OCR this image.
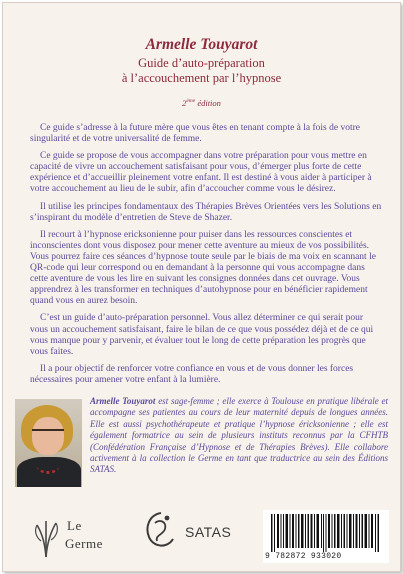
Armelle Touyarot
Guide d’auto-préparation
à l’accouchement par l’hypnose
2ème édition

Ce guide s’adresse à la future mère que vous êtes en tenant compte à la fois de votre singularité et de votre universalité de femme.

Ce guide se propose de vous accompagner dans votre préparation pour vous mettre en capacité de vivre un accouchement satisfaisant pour vous, d’émerger plus forte de cette expérience et d’accueillir pleinement votre enfant. Il est destiné à vous aider à participer à votre accouchement au lieu de le subir, afin d’accoucher comme vous le désirez.

Il utilise les principes fondamentaux des Thérapies Brèves Orientées vers les Solutions en s’inspirant du modèle d’entretien de Steve de Shazer.

Il recourt à l’hypnose ericksonienne pour puiser dans les ressources conscientes et inconscientes dont vous disposez pour mener cette aventure au mieux de vos possibilités. Vous pourrez faire ces séances d’hypnose toute seule par le biais de ma voix en scannant le QR-code qui leur correspond ou en demandant à la personne qui vous accompagne dans cette aventure de vous les lire en suivant les consignes données dans cet ouvrage. Vous apprendrez à les transformer en techniques d’autohypnose pour en bénéficier rapidement quand vous en aurez besoin.

C’est un guide d’auto-préparation personnel. Vous allez déterminer ce qui serait pour vous un accouchement satisfaisant, faire le bilan de ce que vous possédez déjà et de ce qui vous manque pour y parvenir, et évaluer tout le long de cette préparation les progrès que vous faites.

Il a pour objectif de renforcer votre confiance en vous et de vous donner les forces nécessaires pour amener votre enfant à la lumière.

Armelle Touyarot est sage-femme ; elle exerce à Toulouse en pratique libérale et accompagne ses patientes au cours de leur maternité depuis de longues années. Elle est aussi psychothérapeute et pratique l’hypnose éricksonienne ; elle est également formatrice au sein de plusieurs instituts reconnus par la CFHTB (Confédération Française d’Hypnose et de Thérapies Brèves). Elle collabore activement à la collection le Germe en tant que traductrice au sein des Éditions SATAS.
Le
Germe
SATAS
9 782872 933020
